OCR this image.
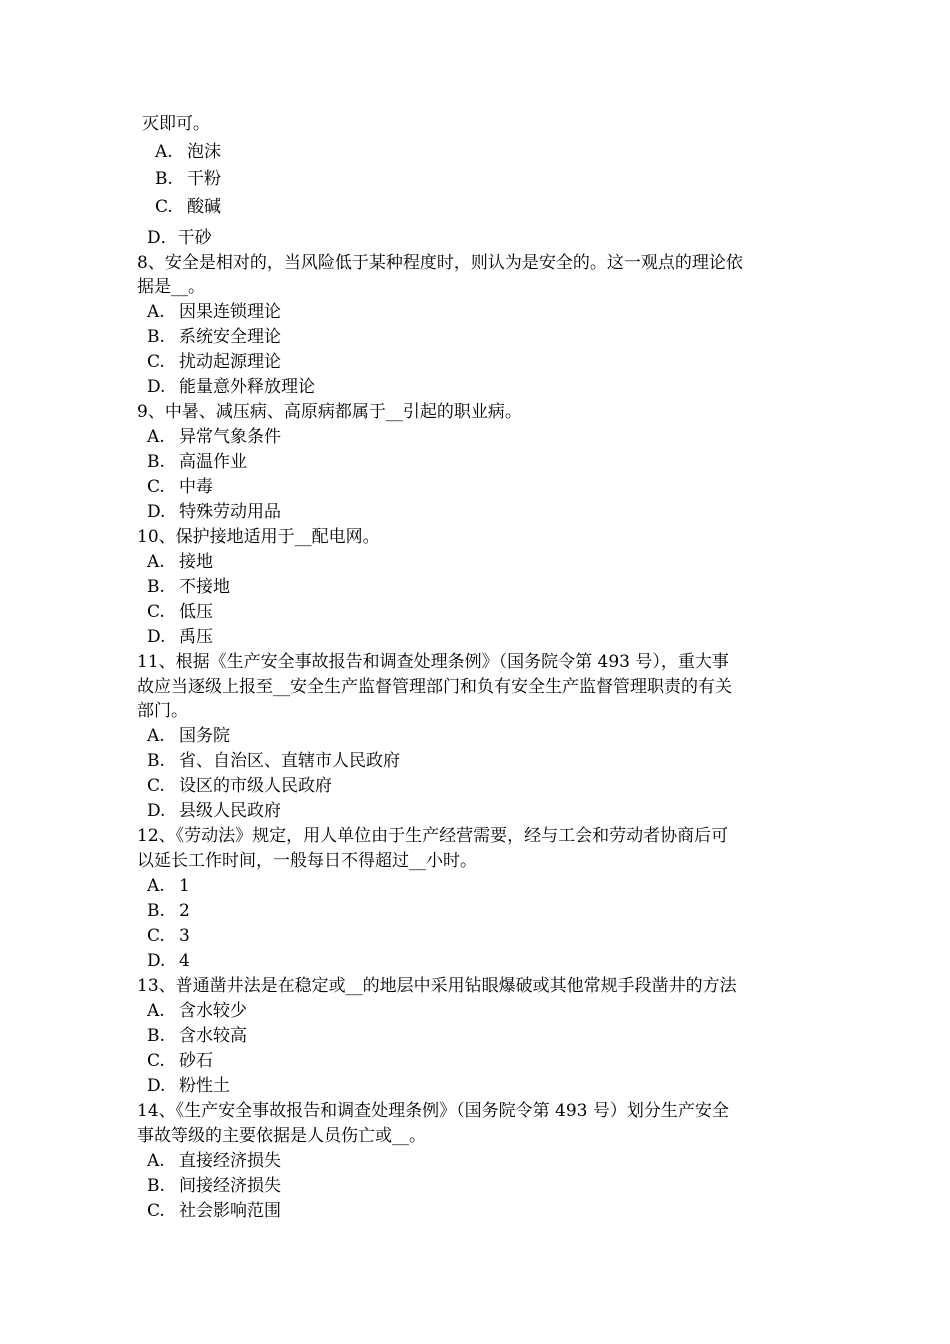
灭即可。
A. 泡沫
B. 干粉
C. 酸碱
D．干砂
8、安全是相对的，当风险低于某种程度时，则认为是安全的。这一观点的理论依
据是__。
A. 因果连锁理论
B. 系统安全理论
C. 扰动起源理论
D. 能量意外释放理论
9、中暑、减压病、高原病都属于__引起的职业病。
A. 异常气象条件
B. 高温作业
C. 中毒
D. 特殊劳动用品
10、保护接地适用于__配电网。
A. 接地
B. 不接地
C. 低压
D. 禹压
11、根据《生产安全事故报告和调查处理条例》（国务院令第 493 号），重大事
故应当逐级上报至__安全生产监督管理部门和负有安全生产监督管理职责的有关
部门。
A. 国务院
B. 省、自治区、直辖市人民政府
C. 设区的市级人民政府
D. 县级人民政府
12、《劳动法》规定，用人单位由于生产经营需要，经与工会和劳动者协商后可
以延长工作时间，一般每日不得超过__小时。
A. 1
B. 2
C. 3
D. 4
13、普通凿井法是在稳定或__的地层中采用钻眼爆破或其他常规手段凿井的方法
A. 含水较少
B. 含水较高
C. 砂石
D. 粉性土
14、《生产安全事故报告和调查处理条例》（国务院令第 493 号）划分生产安全
事故等级的主要依据是人员伤亡或__。
A. 直接经济损失
B. 间接经济损失
C. 社会影响范围
